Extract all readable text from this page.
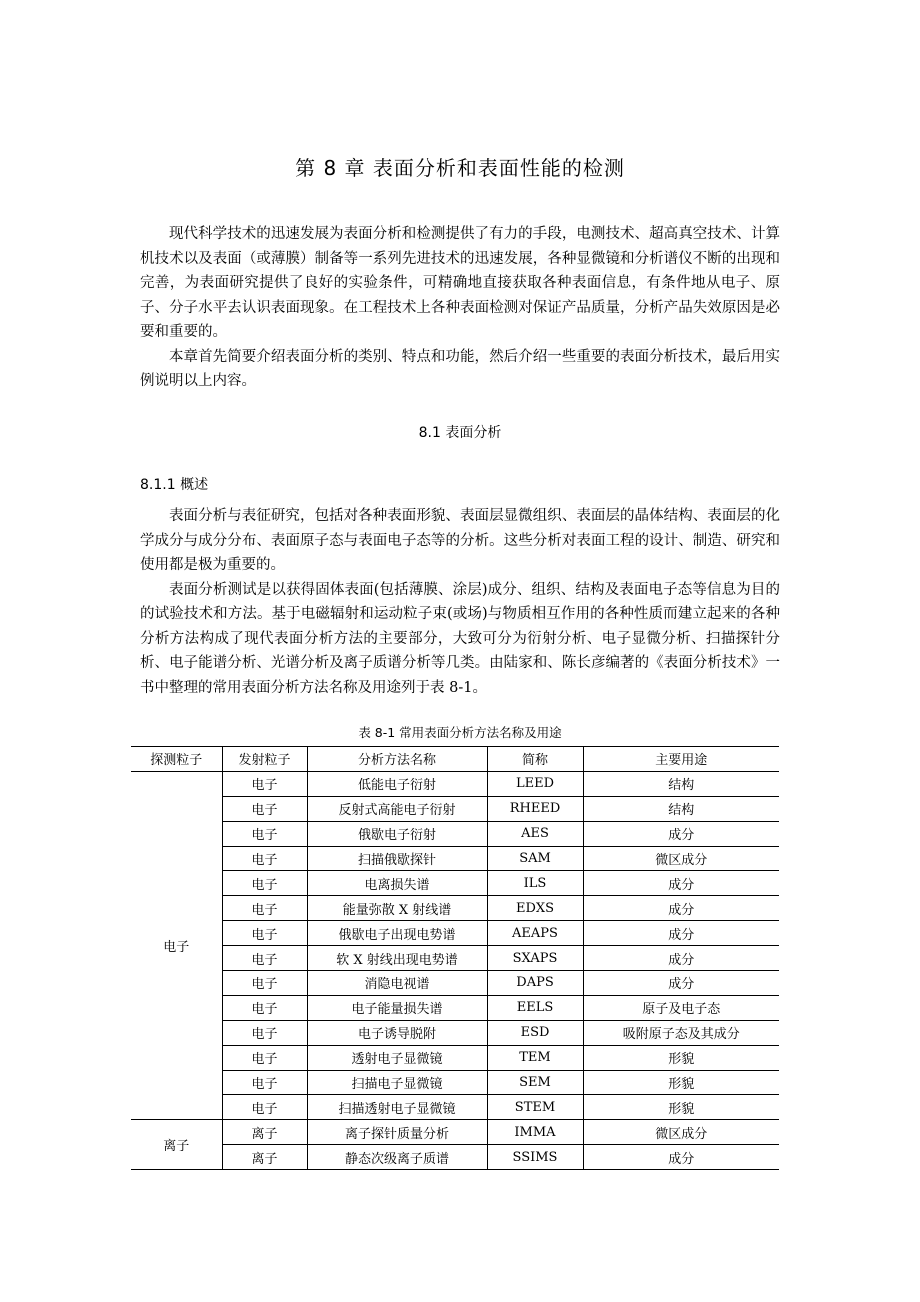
第 8 章 表面分析和表面性能的检测

现代科学技术的迅速发展为表面分析和检测提供了有力的手段，电测技术、超高真空技术、计算机技术以及表面（或薄膜）制备等一系列先进技术的迅速发展，各种显微镜和分析谱仪不断的出现和完善，为表面研究提供了良好的实验条件，可精确地直接获取各种表面信息，有条件地从电子、原子、分子水平去认识表面现象。在工程技术上各种表面检测对保证产品质量，分析产品失效原因是必要和重要的。

本章首先简要介绍表面分析的类别、特点和功能，然后介绍一些重要的表面分析技术，最后用实例说明以上内容。

8.1 表面分析
8.1.1 概述

表面分析与表征研究，包括对各种表面形貌、表面层显微组织、表面层的晶体结构、表面层的化学成分与成分分布、表面原子态与表面电子态等的分析。这些分析对表面工程的设计、制造、研究和使用都是极为重要的。

表面分析测试是以获得固体表面(包括薄膜、涂层)成分、组织、结构及表面电子态等信息为目的的试验技术和方法。基于电磁辐射和运动粒子束(或场)与物质相互作用的各种性质而建立起来的各种分析方法构成了现代表面分析方法的主要部分，大致可分为衍射分析、电子显微分析、扫描探针分析、电子能谱分析、光谱分析及离子质谱分析等几类。由陆家和、陈长彦编著的《表面分析技术》一书中整理的常用表面分析方法名称及用途列于表 8-1。

表 8-1 常用表面分析方法名称及用途
探测粒子	发射粒子	分析方法名称	简称	主要用途
电子	电子	低能电子衍射	LEED	结构
	电子	反射式高能电子衍射	RHEED	结构
	电子	俄歇电子衍射	AES	成分
	电子	扫描俄歇探针	SAM	微区成分
	电子	电离损失谱	ILS	成分
	电子	能量弥散 X 射线谱	EDXS	成分
	电子	俄歇电子出现电势谱	AEAPS	成分
	电子	软 X 射线出现电势谱	SXAPS	成分
	电子	消隐电视谱	DAPS	成分
	电子	电子能量损失谱	EELS	原子及电子态
	电子	电子诱导脱附	ESD	吸附原子态及其成分
	电子	透射电子显微镜	TEM	形貌
	电子	扫描电子显微镜	SEM	形貌
	电子	扫描透射电子显微镜	STEM	形貌
离子	离子	离子探针质量分析	IMMA	微区成分
	离子	静态次级离子质谱	SSIMS	成分
